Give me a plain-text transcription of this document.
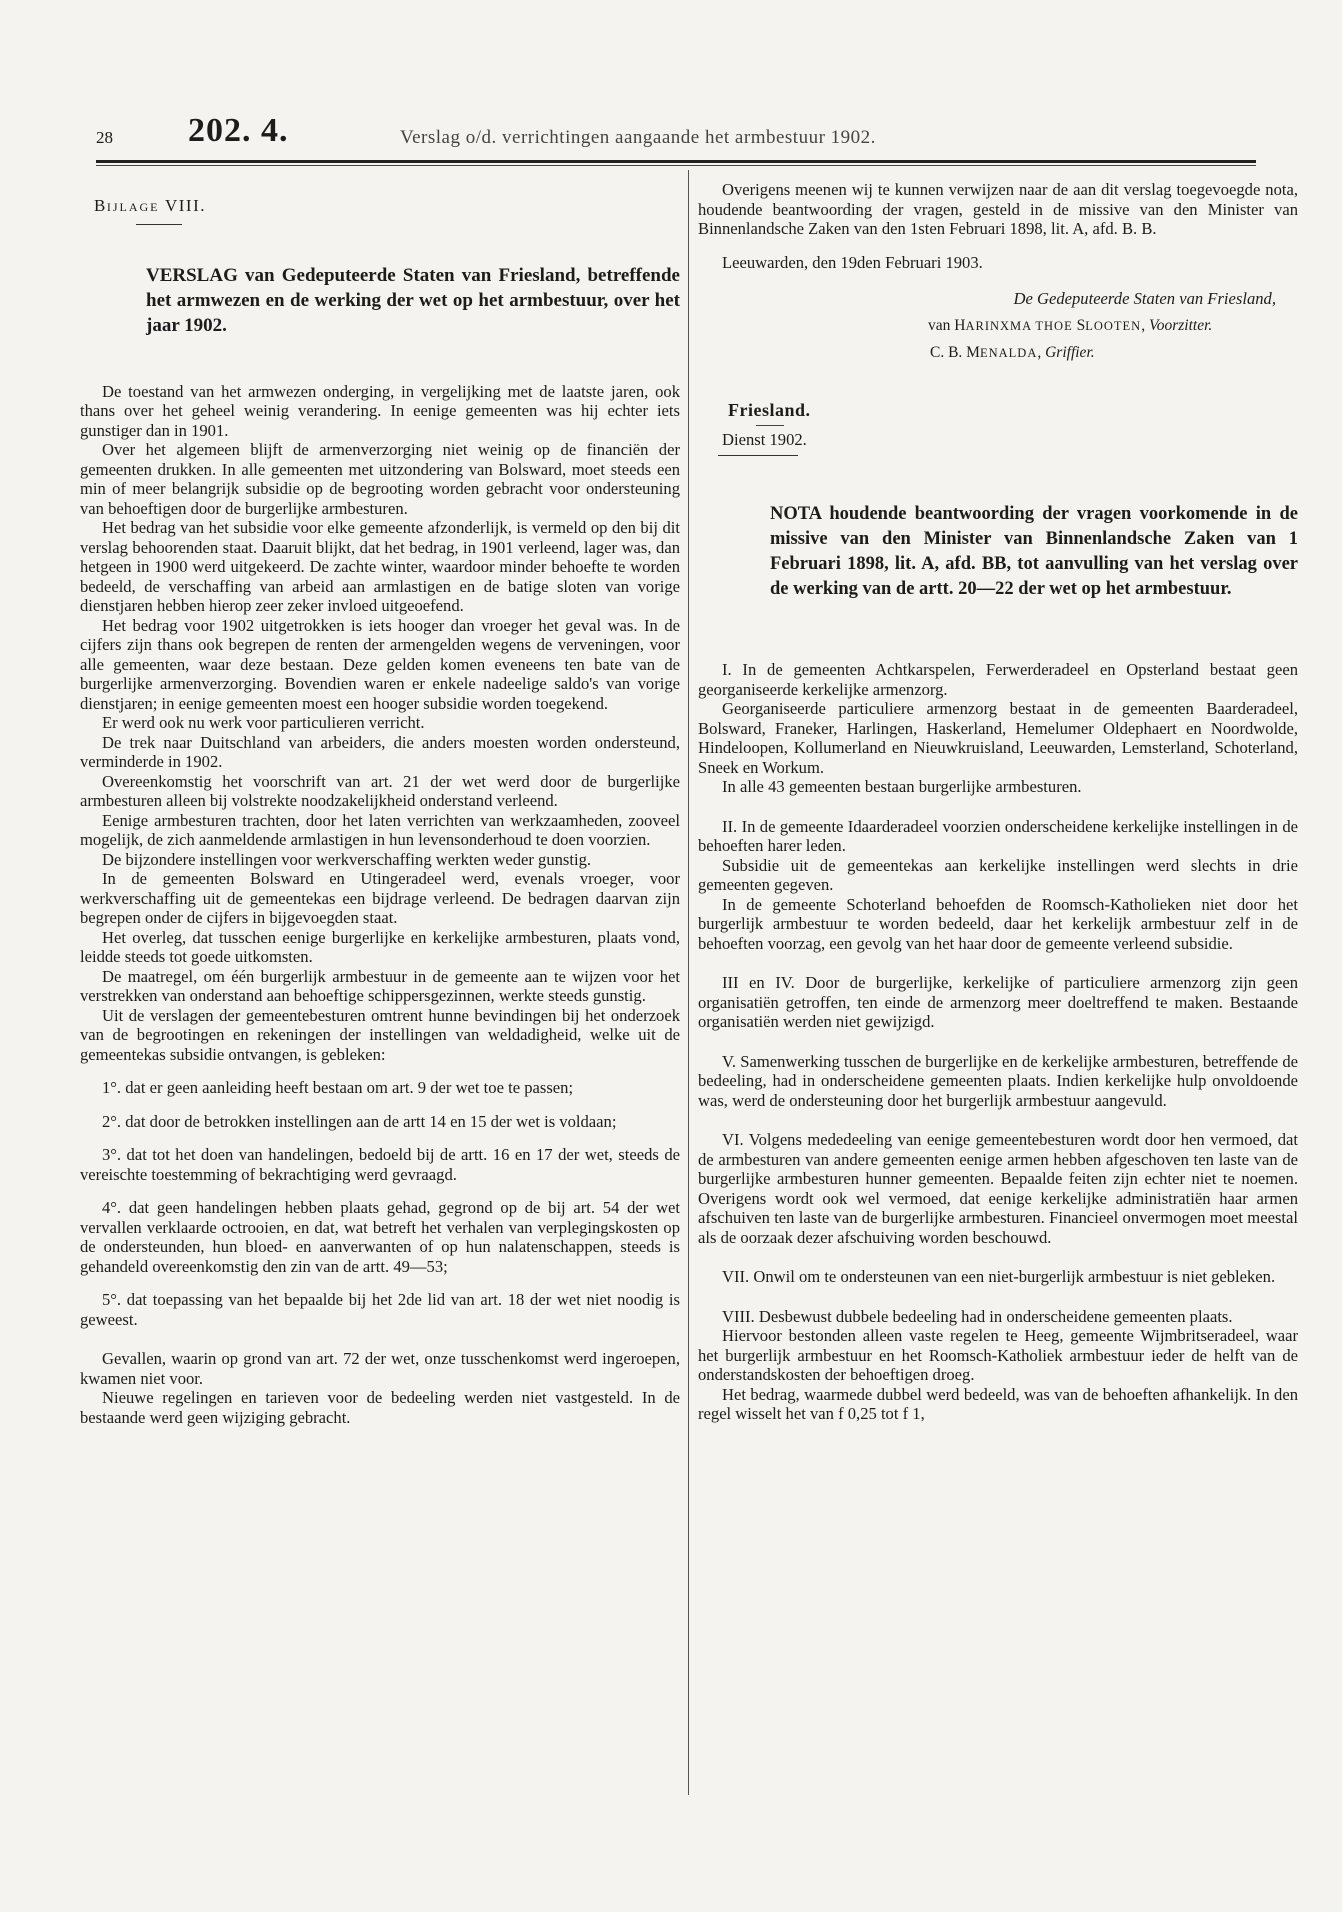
28 202. 4.	Verslag o/d. verrichtingen aangaande het armbestuur 1902.
BIJLAGE VIII.
VERSLAG van Gedeputeerde Staten van Friesland, betreffende het armwezen en de werking der wet op het armbestuur, over het jaar 1902.

De toestand van het armwezen onderging, in vergelijking met de laatste jaren, ook thans over het geheel weinig verandering. In eenige gemeenten was hij echter iets gunstiger dan in 1901.

Over het algemeen blijft de armenverzorging niet weinig op de financiën der gemeenten drukken. In alle gemeenten met uitzondering van Bolsward, moet steeds een min of meer belangrijk subsidie op de begrooting worden gebracht voor ondersteuning van behoeftigen door de burgerlijke armbesturen.

Het bedrag van het subsidie voor elke gemeente afzonderlijk, is vermeld op den bij dit verslag behoorenden staat. Daaruit blijkt, dat het bedrag, in 1901 verleend, lager was, dan hetgeen in 1900 werd uitgekeerd. De zachte winter, waardoor minder behoefte te worden bedeeld, de verschaffing van arbeid aan armlastigen en de batige sloten van vorige dienstjaren hebben hierop zeer zeker invloed uitgeoefend.

Het bedrag voor 1902 uitgetrokken is iets hooger dan vroeger het geval was. In de cijfers zijn thans ook begrepen de renten der armengelden wegens de verveningen, voor alle gemeenten, waar deze bestaan. Deze gelden komen eveneens ten bate van de burgerlijke armenverzorging. Bovendien waren er enkele nadeelige saldo's van vorige dienstjaren; in eenige gemeenten moest een hooger subsidie worden toegekend.

Er werd ook nu werk voor particulieren verricht.

De trek naar Duitschland van arbeiders, die anders moesten worden ondersteund, verminderde in 1902.

Overeenkomstig het voorschrift van art. 21 der wet werd door de burgerlijke armbesturen alleen bij volstrekte noodzakelijkheid onderstand verleend.

Eenige armbesturen trachten, door het laten verrichten van werkzaamheden, zooveel mogelijk, de zich aanmeldende armlastigen in hun levensonderhoud te doen voorzien.

De bijzondere instellingen voor werkverschaffing werkten weder gunstig.

In de gemeenten Bolsward en Utingeradeel werd, evenals vroeger, voor werkverschaffing uit de gemeentekas een bijdrage verleend. De bedragen daarvan zijn begrepen onder de cijfers in bijgevoegden staat.

Het overleg, dat tusschen eenige burgerlijke en kerkelijke armbesturen, plaats vond, leidde steeds tot goede uitkomsten.

De maatregel, om één burgerlijk armbestuur in de gemeente aan te wijzen voor het verstrekken van onderstand aan behoeftige schippersgezinnen, werkte steeds gunstig.

Uit de verslagen der gemeentebesturen omtrent hunne bevindingen bij het onderzoek van de begrootingen en rekeningen der instellingen van weldadigheid, welke uit de gemeentekas subsidie ontvangen, is gebleken:

1°. dat er geen aanleiding heeft bestaan om art. 9 der wet toe te passen;

2°. dat door de betrokken instellingen aan de artt 14 en 15 der wet is voldaan;

3°. dat tot het doen van handelingen, bedoeld bij de artt. 16 en 17 der wet, steeds de vereischte toestemming of bekrachtiging werd gevraagd.

4°. dat geen handelingen hebben plaats gehad, gegrond op de bij art. 54 der wet vervallen verklaarde octrooien, en dat, wat betreft het verhalen van verplegingskosten op de ondersteunden, hun bloed- en aanverwanten of op hun nalatenschappen, steeds is gehandeld overeenkomstig den zin van de artt. 49—53;

5°. dat toepassing van het bepaalde bij het 2de lid van art. 18 der wet niet noodig is geweest.

Gevallen, waarin op grond van art. 72 der wet, onze tusschenkomst werd ingeroepen, kwamen niet voor.

Nieuwe regelingen en tarieven voor de bedeeling werden niet vastgesteld. In de bestaande werd geen wijziging gebracht.

Overigens meenen wij te kunnen verwijzen naar de aan dit verslag toegevoegde nota, houdende beantwoording der vragen, gesteld in de missive van den Minister van Binnenlandsche Zaken van den 1sten Februari 1898, lit. A, afd. B. B.

Leeuwarden, den 19den Februari 1903.

De Gedeputeerde Staten van Friesland,
van HARINXMA THOE SLOOTEN, Voorzitter.
C. B. MENALDA, Griffier.
Friesland.
Dienst 1902.
NOTA houdende beantwoording der vragen voorkomende in de missive van den Minister van Binnenlandsche Zaken van 1 Februari 1898, lit. A, afd. BB, tot aanvulling van het verslag over de werking van de artt. 20—22 der wet op het armbestuur.

I. In de gemeenten Achtkarspelen, Ferwerderadeel en Opsterland bestaat geen georganiseerde kerkelijke armenzorg.

Georganiseerde particuliere armenzorg bestaat in de gemeenten Baarderadeel, Bolsward, Franeker, Harlingen, Haskerland, Hemelumer Oldephaert en Noordwolde, Hindeloopen, Kollumerland en Nieuwkruisland, Leeuwarden, Lemsterland, Schoterland, Sneek en Workum.

In alle 43 gemeenten bestaan burgerlijke armbesturen.

II. In de gemeente Idaarderadeel voorzien onderscheidene kerkelijke instellingen in de behoeften harer leden.

Subsidie uit de gemeentekas aan kerkelijke instellingen werd slechts in drie gemeenten gegeven.

In de gemeente Schoterland behoefden de Roomsch-Katholieken niet door het burgerlijk armbestuur te worden bedeeld, daar het kerkelijk armbestuur zelf in de behoeften voorzag, een gevolg van het haar door de gemeente verleend subsidie.

III en IV. Door de burgerlijke, kerkelijke of particuliere armenzorg zijn geen organisatiën getroffen, ten einde de armenzorg meer doeltreffend te maken. Bestaande organisatiën werden niet gewijzigd.

V. Samenwerking tusschen de burgerlijke en de kerkelijke armbesturen, betreffende de bedeeling, had in onderscheidene gemeenten plaats. Indien kerkelijke hulp onvoldoende was, werd de ondersteuning door het burgerlijk armbestuur aangevuld.

VI. Volgens mededeeling van eenige gemeentebesturen wordt door hen vermoed, dat de armbesturen van andere gemeenten eenige armen hebben afgeschoven ten laste van de burgerlijke armbesturen hunner gemeenten. Bepaalde feiten zijn echter niet te noemen. Overigens wordt ook wel vermoed, dat eenige kerkelijke administratiën haar armen afschuiven ten laste van de burgerlijke armbesturen. Financieel onvermogen moet meestal als de oorzaak dezer afschuiving worden beschouwd.

VII. Onwil om te ondersteunen van een niet-burgerlijk armbestuur is niet gebleken.

VIII. Desbewust dubbele bedeeling had in onderscheidene gemeenten plaats.

Hiervoor bestonden alleen vaste regelen te Heeg, gemeente Wijmbritseradeel, waar het burgerlijk armbestuur en het Roomsch-Katholiek armbestuur ieder de helft van de onderstandskosten der behoeftigen droeg.

Het bedrag, waarmede dubbel werd bedeeld, was van de behoeften afhankelijk. In den regel wisselt het van f 0,25 tot f 1,
